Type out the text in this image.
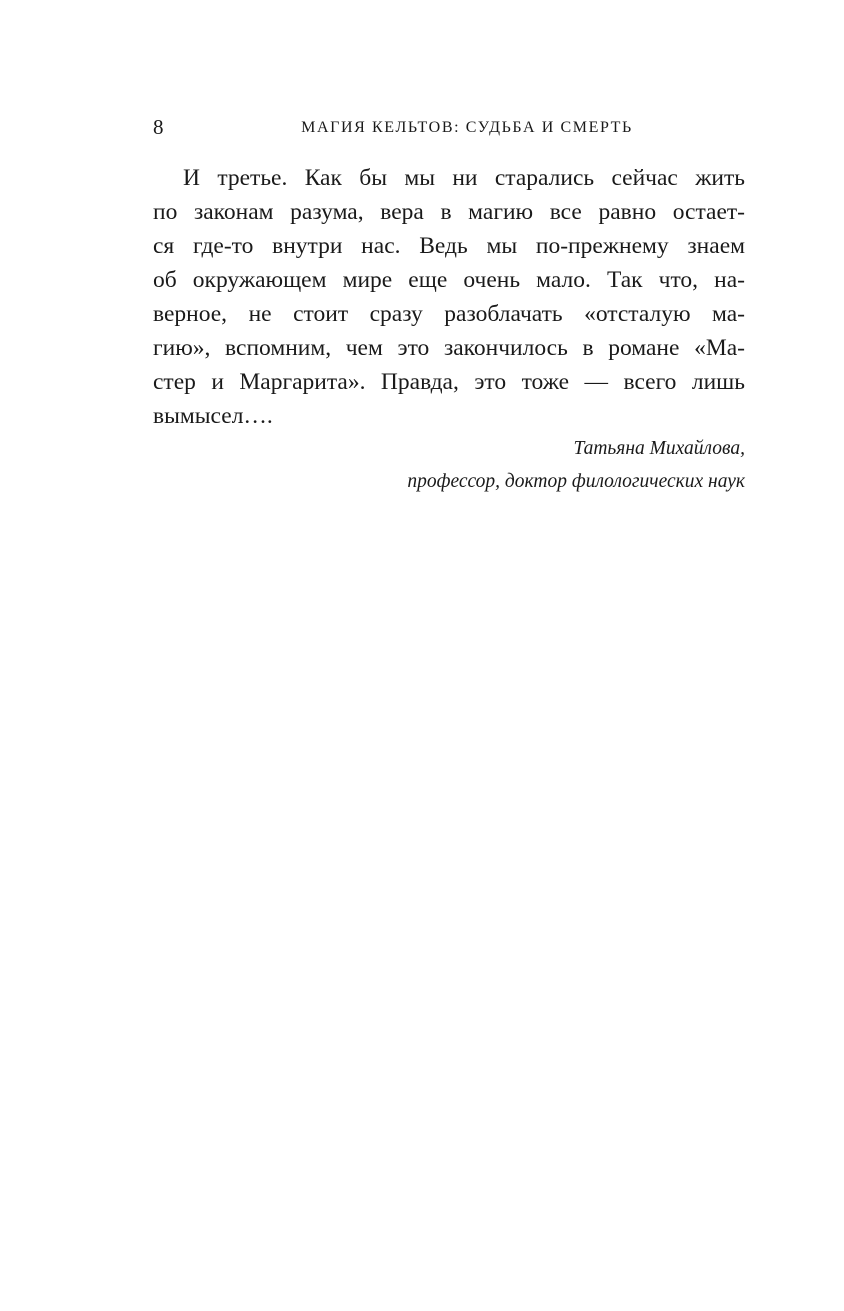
8	МАГИЯ КЕЛЬТОВ: СУДЬБА И СМЕРТЬ
И третье. Как бы мы ни старались сейчас жить
по законам разума, вера в магию все равно остает-
ся где-то внутри нас. Ведь мы по-прежнему знаем
об окружающем мире еще очень мало. Так что, на-
верное, не стоит сразу разоблачать «отсталую ма-
гию», вспомним, чем это закончилось в романе «Ма-
стер и Маргарита». Правда, это тоже — всего лишь
вымысел….
Татьяна Михайлова,
профессор, доктор филологических наук
